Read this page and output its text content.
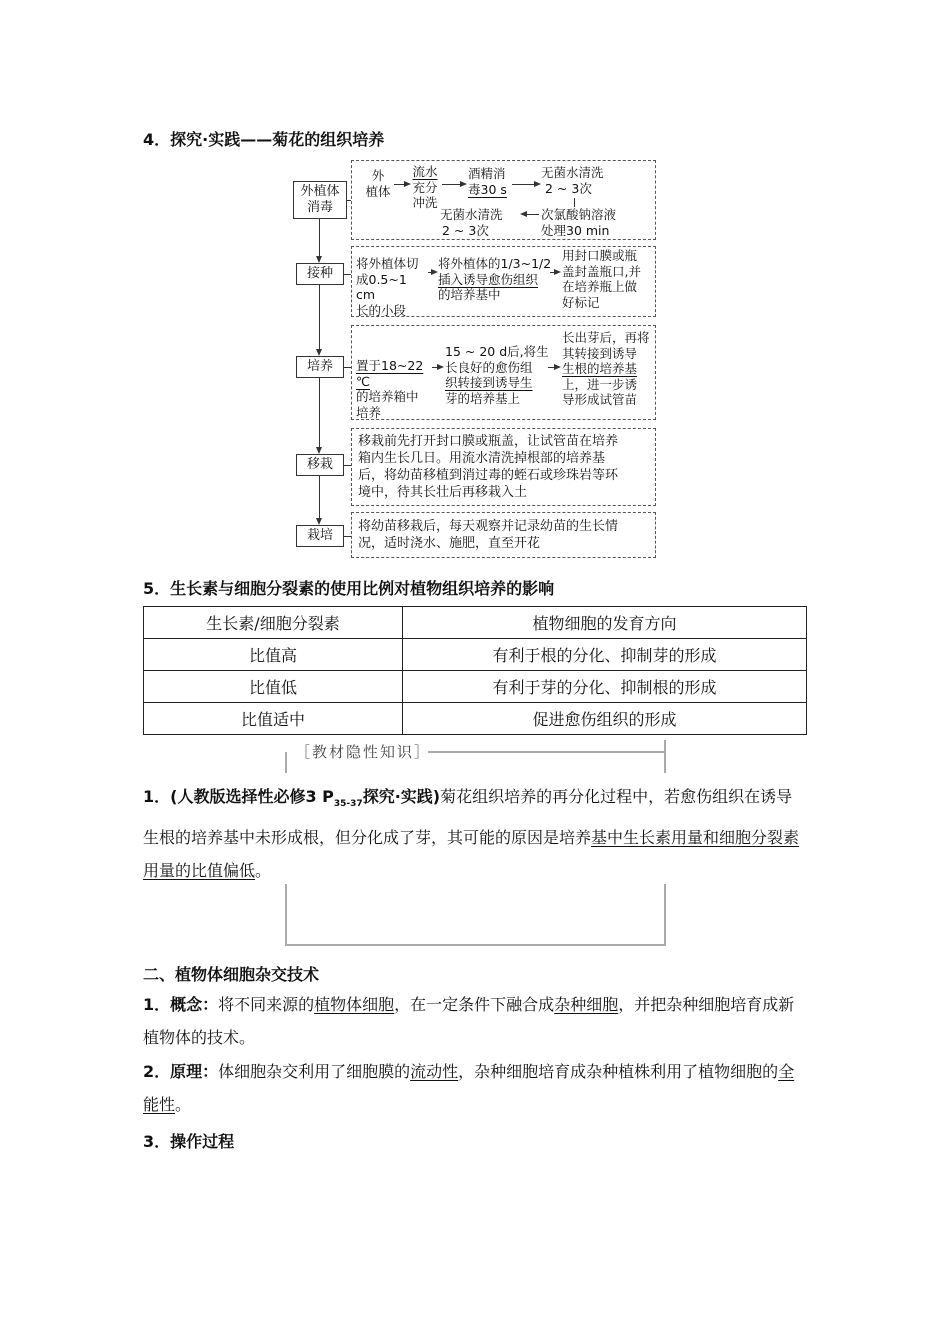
4．探究·实践——菊花的组织培养
外植体
消毒
接种
培养
移栽
栽培
外
植体
流水
充分
冲洗
酒精消
毒30 s
无菌水清洗
2 ~ 3次
次氯酸钠溶液
处理30 min
无菌水清洗
2 ~ 3次
将外植体切
成0.5~1 cm
长的小段
将外植体的1/3~1/2
插入诱导愈伤组织
的培养基中
用封口膜或瓶
盖封盖瓶口,并
在培养瓶上做
好标记
置于18~22 ℃
的培养箱中
培养
15 ~ 20 d后,将生
长良好的愈伤组
织转接到诱导生
芽的培养基上
长出芽后，再将
其转接到诱导
生根的培养基
上，进一步诱
导形成试管苗
移栽前先打开封口膜或瓶盖，让试管苗在培养
箱内生长几日。用流水清洗掉根部的培养基
后，将幼苗移植到消过毒的蛭石或珍珠岩等环
境中，待其长壮后再移栽入土
将幼苗移栽后，每天观察并记录幼苗的生长情
况，适时浇水、施肥，直至开花
5．生长素与细胞分裂素的使用比例对植物组织培养的影响
生长素/细胞分裂素	植物细胞的发育方向
比值高	有利于根的分化、抑制芽的形成
比值低	有利于芽的分化、抑制根的形成
比值适中	促进愈伤组织的形成
［教材隐性知识］
1．(人教版选择性必修3 $P_{35-37}$探究·实践)菊花组织培养的再分化过程中，若愈伤组织在诱导生根的培养基中未形成根，但分化成了芽，其可能的原因是培养基中生长素用量和细胞分裂素用量的比值偏低。
二、植物体细胞杂交技术
1．概念：将不同来源的植物体细胞，在一定条件下融合成杂种细胞，并把杂种细胞培育成新植物体的技术。
2．原理：体细胞杂交利用了细胞膜的流动性，杂种细胞培育成杂种植株利用了植物细胞的全能性。
3．操作过程
